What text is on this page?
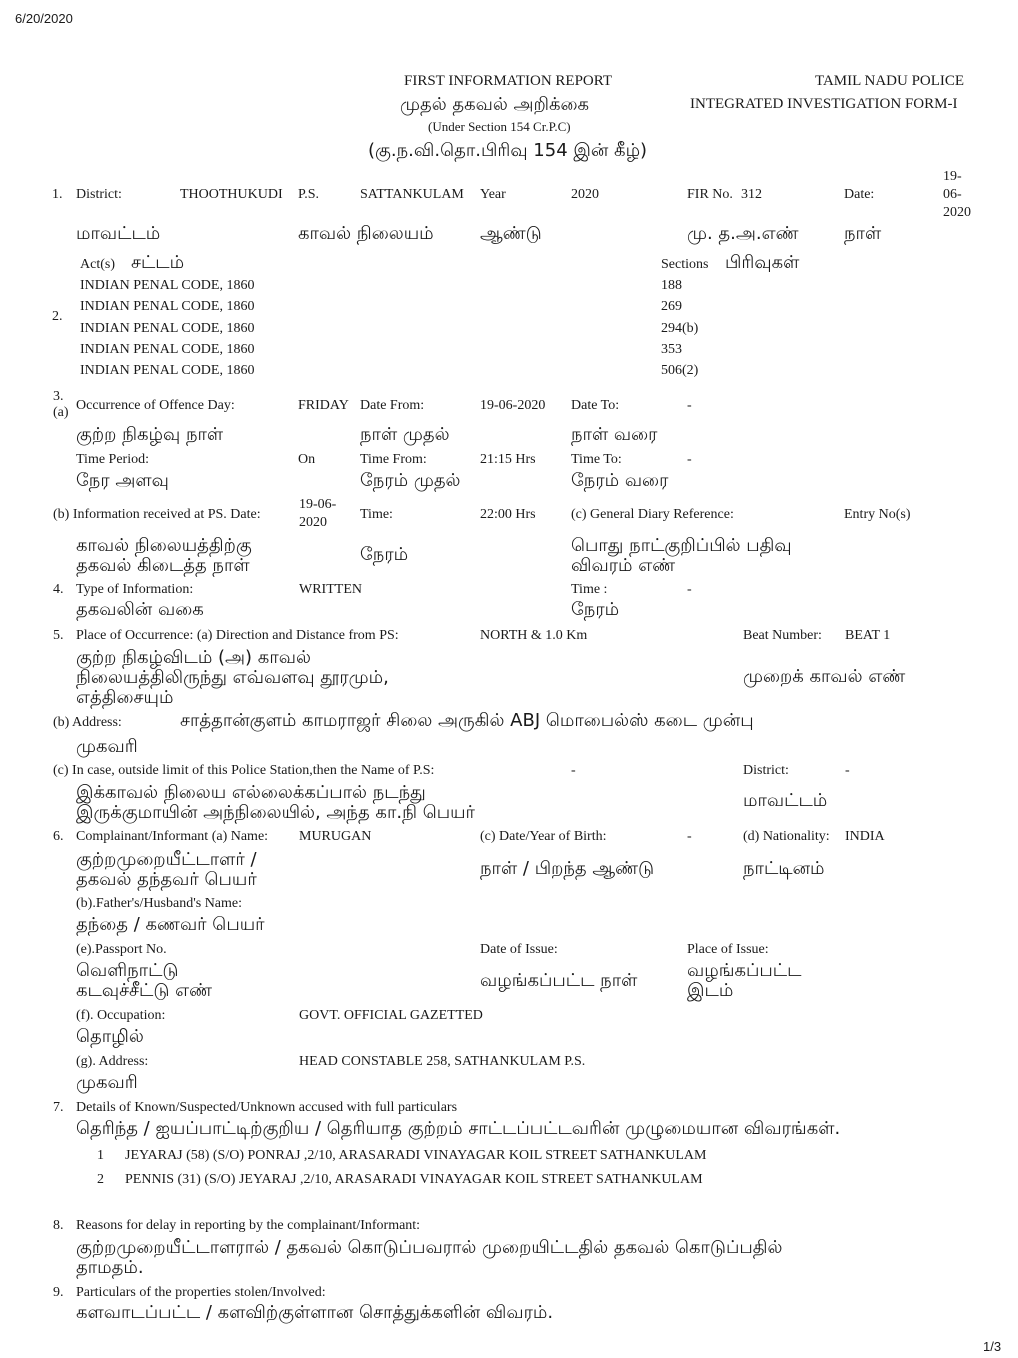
6/20/2020
1/3
FIRST INFORMATION REPORT
முதல் தகவல் அறிக்கை
(Under Section 154 Cr.P.C)
(கு.ந.வி.தொ.பிரிவு 154 இன் கீழ்)
TAMIL NADU POLICE
INTEGRATED INVESTIGATION FORM-I
1. District:	THOOTHUKUDI P.S.	SATTANKULAM Year	2020	FIR No. 312	Date:
19-
06-
2020
மாவட்டம்	காவல் நிலையம்	ஆண்டு	மு. த.அ.எண்	நாள்
2.
Act(s) சட்டம்	Sections பிரிவுகள்
INDIAN PENAL CODE, 1860	188
INDIAN PENAL CODE, 1860	269
INDIAN PENAL CODE, 1860	294(b)
INDIAN PENAL CODE, 1860	353
INDIAN PENAL CODE, 1860	506(2)
3.
(a) Occurrence of Offence Day:	FRIDAY Date From:	19-06-2020 Date To:	-
குற்ற நிகழ்வு நாள்	நாள் முதல்	நாள் வரை
Time Period:	On	Time From:	21:15 Hrs	Time To:	-
நேர அளவு	நேரம் முதல்	நேரம் வரை
(b) Information received at PS. Date:
19-06-
2020
Time:	22:00 Hrs	(c) General Diary Reference:	Entry No(s)
காவல் நிலையத்திற்கு
தகவல் கிடைத்த நாள்
நேரம்	பொது நாட்குறிப்பில் பதிவு
விவரம் எண்
4. Type of Information:	WRITTEN	Time :	-
தகவலின் வகை	நேரம்
5. Place of Occurrence: (a) Direction and Distance from PS:	NORTH & 1.0 Km	Beat Number: BEAT 1
குற்ற நிகழ்விடம் (அ) காவல்
நிலையத்திலிருந்து எவ்வளவு தூரமும்,
எத்திசையும்
முறைக் காவல் எண்
(b) Address:	சாத்தான்குளம் காமராஜர் சிலை அருகில் ABJ மொபைல்ஸ் கடை முன்பு
முகவரி
(c) In case, outside limit of this Police Station,then the Name of P.S:	-	District:	-
இக்காவல் நிலைய எல்லைக்கப்பால் நடந்து
இருக்குமாயின் அந்நிலையில், அந்த கா.நி பெயர்
மாவட்டம்
6. Complainant/Informant (a) Name: MURUGAN	(c) Date/Year of Birth:	-	(d) Nationality: INDIA
குற்றமுறையீட்டாளர் /
தகவல் தந்தவர் பெயர்
நாள் / பிறந்த ஆண்டு	நாட்டினம்
(b).Father's/Husband's Name:
தந்தை / கணவர் பெயர்
(e).Passport No.	Date of Issue:	Place of Issue:
வெளிநாட்டு
கடவுச்சீட்டு எண்	வழங்கப்பட்ட நாள்	வழங்கப்பட்ட
இடம்
(f). Occupation:	GOVT. OFFICIAL GAZETTED
தொழில்
(g). Address:	HEAD CONSTABLE 258, SATHANKULAM P.S.
முகவரி
7. Details of Known/Suspected/Unknown accused with full particulars
தெரிந்த / ஐயப்பாட்டிற்குறிய / தெரியாத குற்றம் சாட்டப்பட்டவரின் முழுமையான விவரங்கள்.
1 JEYARAJ (58) (S/O) PONRAJ ,2/10, ARASARADI VINAYAGAR KOIL STREET SATHANKULAM
2 PENNIS (31) (S/O) JEYARAJ ,2/10, ARASARADI VINAYAGAR KOIL STREET SATHANKULAM
8. Reasons for delay in reporting by the complainant/Informant:
குற்றமுறையீட்டாளரால் / தகவல் கொடுப்பவரால் முறையிட்டதில் தகவல் கொடுப்பதில்
தாமதம்.
9. Particulars of the properties stolen/Involved:
களவாடப்பட்ட / களவிற்குள்ளான சொத்துக்களின் விவரம்.
